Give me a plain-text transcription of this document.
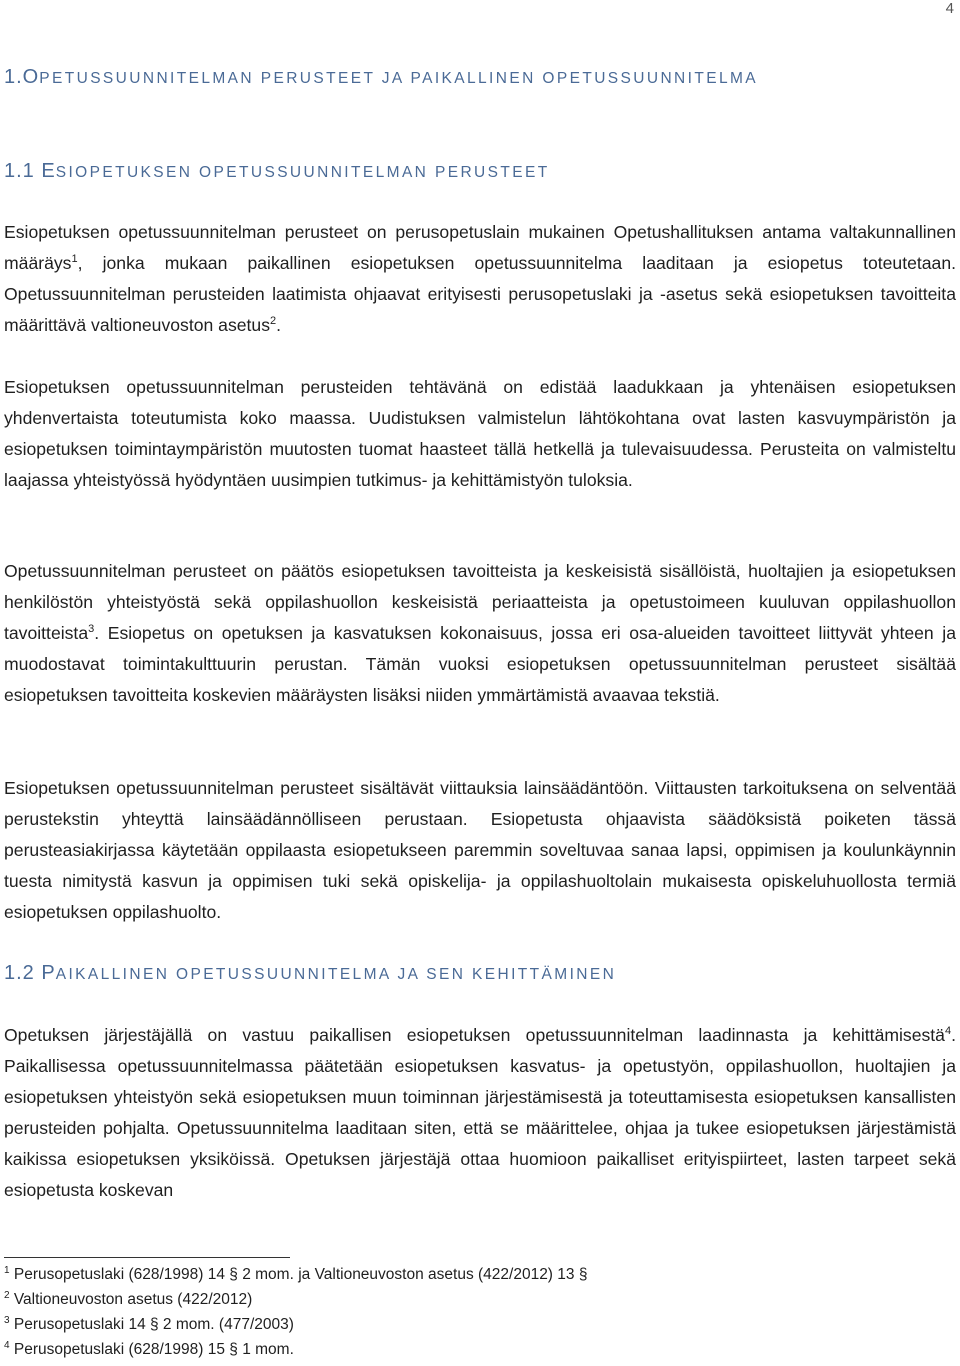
4
1.OPETUSSUUNNITELMAN PERUSTEET JA PAIKALLINEN OPETUSSUUNNITELMA
1.1 ESIOPETUKSEN OPETUSSUUNNITELMAN PERUSTEET
Esiopetuksen opetussuunnitelman perusteet on perusopetuslain mukainen Opetushallituksen antama valtakunnallinen määräys$^1$, jonka mukaan paikallinen esiopetuksen opetussuunnitelma laaditaan ja esiopetus toteutetaan. Opetussuunnitelman perusteiden laatimista ohjaavat erityisesti perusopetuslaki ja -asetus sekä esiopetuksen tavoitteita määrittävä valtioneuvoston asetus$^2$.
Esiopetuksen opetussuunnitelman perusteiden tehtävänä on edistää laadukkaan ja yhtenäisen esiopetuksen yhdenvertaista toteutumista koko maassa. Uudistuksen valmistelun lähtökohtana ovat lasten kasvuympäristön ja esiopetuksen toimintaympäristön muutosten tuomat haasteet tällä hetkellä ja tulevaisuudessa. Perusteita on valmisteltu laajassa yhteistyössä hyödyntäen uusimpien tutkimus- ja kehittämistyön tuloksia.
Opetussuunnitelman perusteet on päätös esiopetuksen tavoitteista ja keskeisistä sisällöistä, huoltajien ja esiopetuksen henkilöstön yhteistyöstä sekä oppilashuollon keskeisistä periaatteista ja opetustoimeen kuuluvan oppilashuollon tavoitteista$^3$. Esiopetus on opetuksen ja kasvatuksen kokonaisuus, jossa eri osa-alueiden tavoitteet liittyvät yhteen ja muodostavat toimintakulttuurin perustan. Tämän vuoksi esiopetuksen opetussuunnitelman perusteet sisältää esiopetuksen tavoitteita koskevien määräysten lisäksi niiden ymmärtämistä avaavaa tekstiä.
Esiopetuksen opetussuunnitelman perusteet sisältävät viittauksia lainsäädäntöön. Viittausten tarkoituksena on selventää perustekstin yhteyttä lainsäädännölliseen perustaan. Esiopetusta ohjaavista säädöksistä poiketen tässä perusteasiakirjassa käytetään oppilaasta esiopetukseen paremmin soveltuvaa sanaa lapsi, oppimisen ja koulunkäynnin tuesta nimitystä kasvun ja oppimisen tuki sekä opiskelija- ja oppilashuoltolain mukaisesta opiskeluhuollosta termiä esiopetuksen oppilashuolto.
1.2 PAIKALLINEN OPETUSSUUNNITELMA JA SEN KEHITTÄMINEN
Opetuksen järjestäjällä on vastuu paikallisen esiopetuksen opetussuunnitelman laadinnasta ja kehittämisestä$^4$. Paikallisessa opetussuunnitelmassa päätetään esiopetuksen kasvatus- ja opetustyön, oppilashuollon, huoltajien ja esiopetuksen yhteistyön sekä esiopetuksen muun toiminnan järjestämisestä ja toteuttamisesta esiopetuksen kansallisten perusteiden pohjalta. Opetussuunnitelma laaditaan siten, että se määrittelee, ohjaa ja tukee esiopetuksen järjestämistä kaikissa esiopetuksen yksiköissä. Opetuksen järjestäjä ottaa huomioon paikalliset erityispiirteet, lasten tarpeet sekä esiopetusta koskevan
$^1$ Perusopetuslaki (628/1998) 14 § 2 mom. ja Valtioneuvoston asetus (422/2012) 13 §
$^2$ Valtioneuvoston asetus (422/2012)
$^3$ Perusopetuslaki 14 § 2 mom. (477/2003)
$^4$ Perusopetuslaki (628/1998) 15 § 1 mom.
